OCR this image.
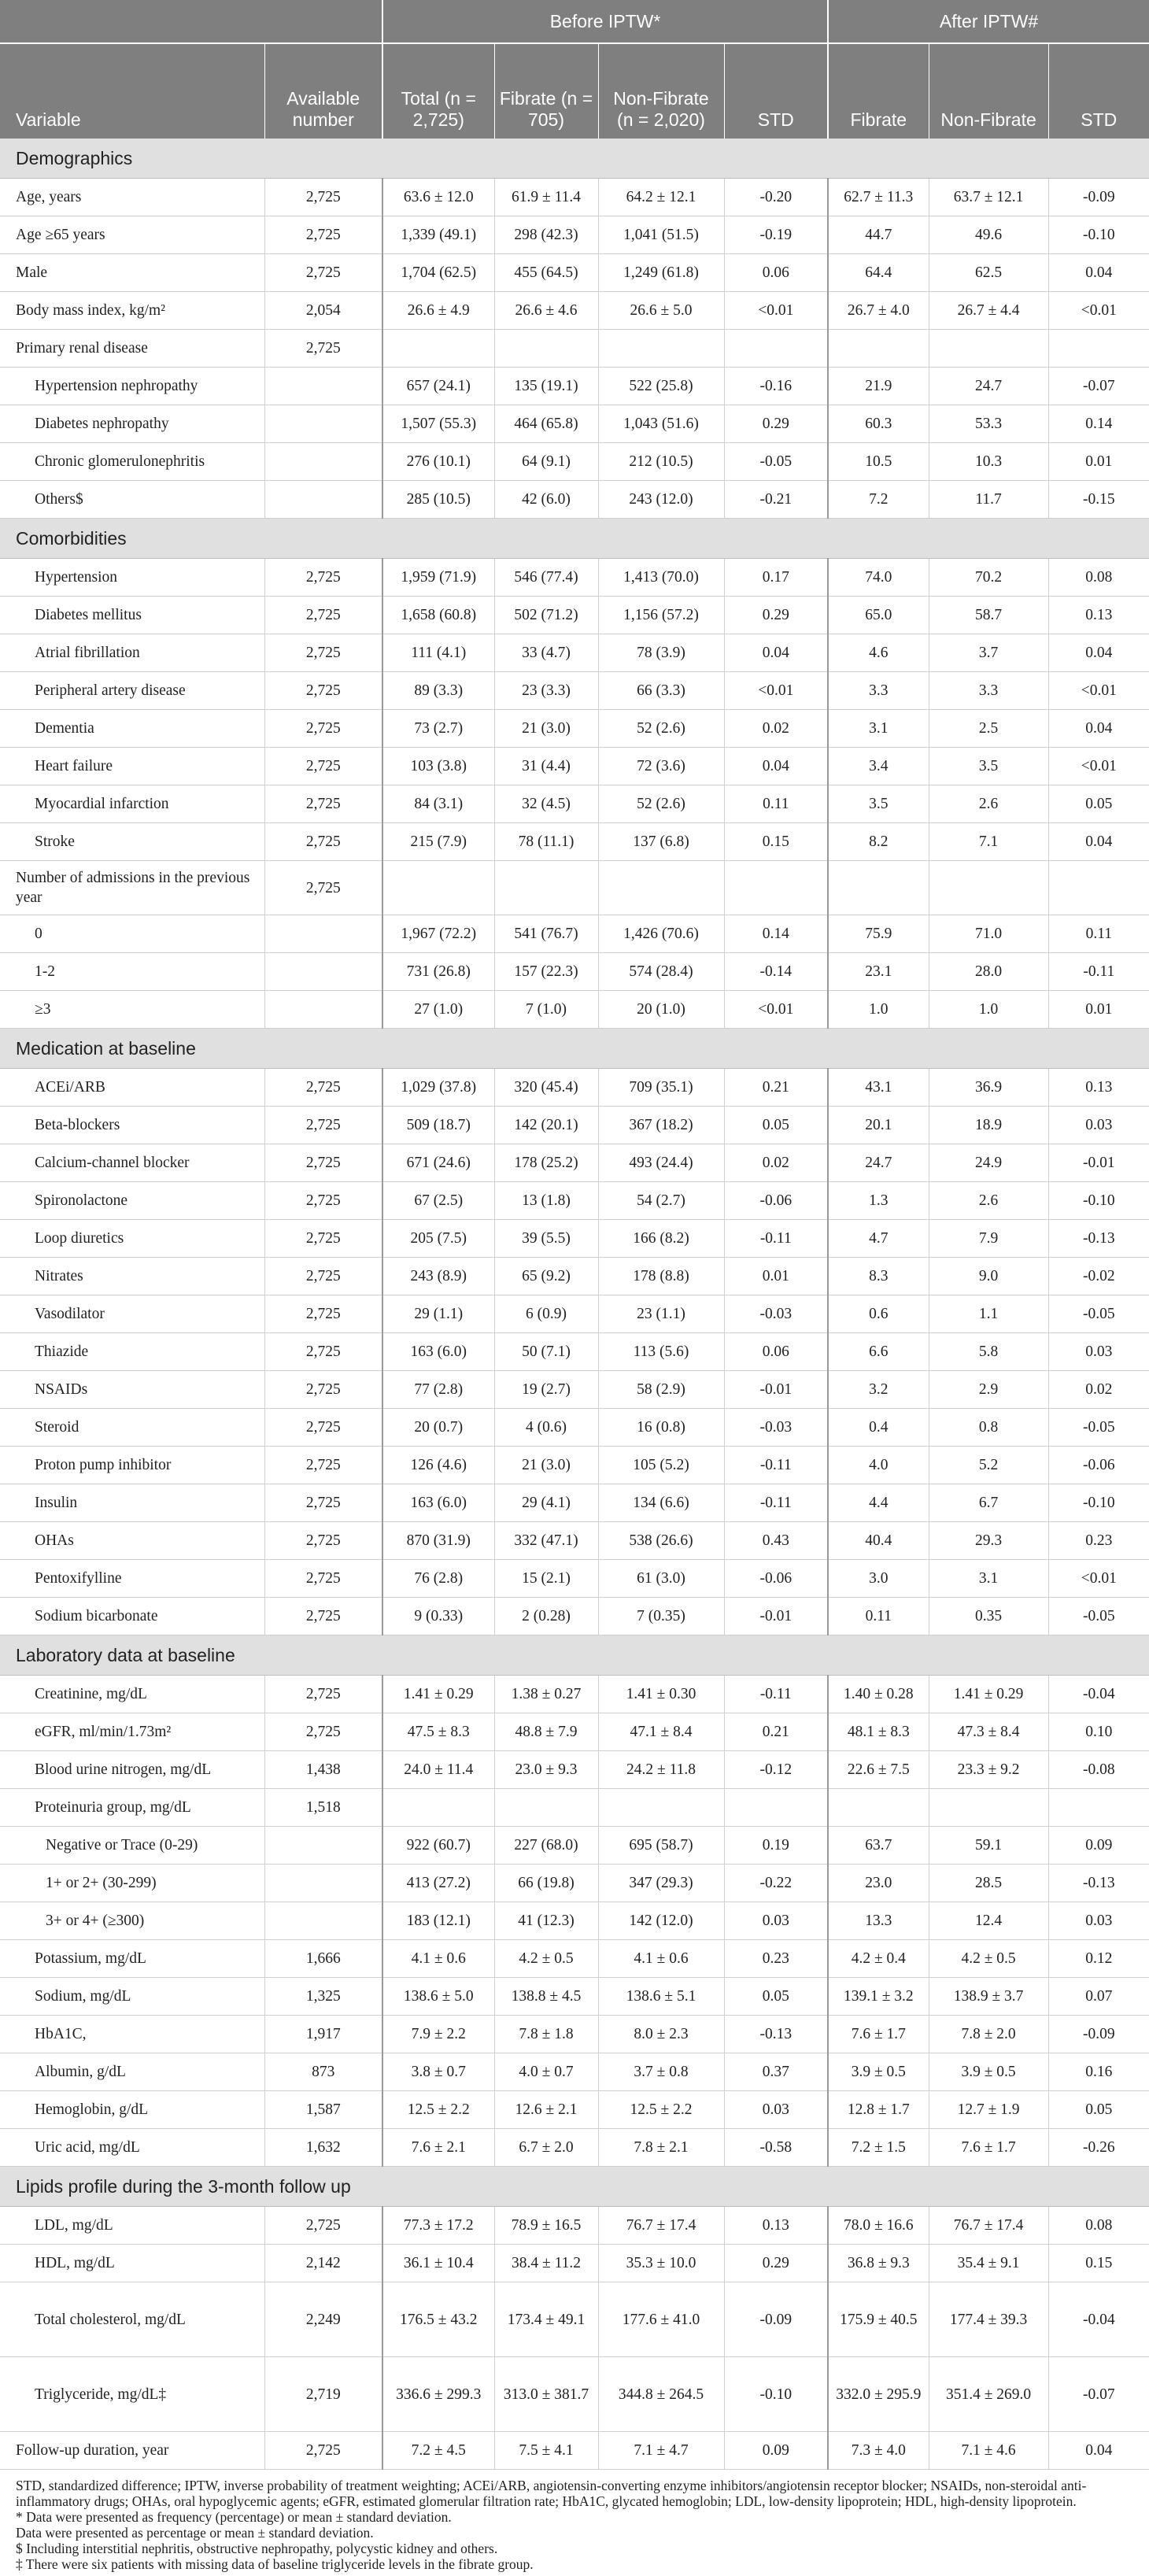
		Before IPTW*				After IPTW#		
Variable	Available number	Total (n = 2,725)	Fibrate (n = 705)	Non-Fibrate (n = 2,020)	STD	Fibrate	Non-Fibrate	STD
Demographics								
Age, years	2,725	63.6 ± 12.0	61.9 ± 11.4	64.2 ± 12.1	-0.20	62.7 ± 11.3	63.7 ± 12.1	-0.09
Age ≥65 years	2,725	1,339 (49.1)	298 (42.3)	1,041 (51.5)	-0.19	44.7	49.6	-0.10
Male	2,725	1,704 (62.5)	455 (64.5)	1,249 (61.8)	0.06	64.4	62.5	0.04
Body mass index, kg/m²	2,054	26.6 ± 4.9	26.6 ± 4.6	26.6 ± 5.0	<0.01	26.7 ± 4.0	26.7 ± 4.4	<0.01
Primary renal disease	2,725							
Hypertension nephropathy		657 (24.1)	135 (19.1)	522 (25.8)	-0.16	21.9	24.7	-0.07
Diabetes nephropathy		1,507 (55.3)	464 (65.8)	1,043 (51.6)	0.29	60.3	53.3	0.14
Chronic glomerulonephritis		276 (10.1)	64 (9.1)	212 (10.5)	-0.05	10.5	10.3	0.01
Others$		285 (10.5)	42 (6.0)	243 (12.0)	-0.21	7.2	11.7	-0.15
Comorbidities								
Hypertension	2,725	1,959 (71.9)	546 (77.4)	1,413 (70.0)	0.17	74.0	70.2	0.08
Diabetes mellitus	2,725	1,658 (60.8)	502 (71.2)	1,156 (57.2)	0.29	65.0	58.7	0.13
Atrial fibrillation	2,725	111 (4.1)	33 (4.7)	78 (3.9)	0.04	4.6	3.7	0.04
Peripheral artery disease	2,725	89 (3.3)	23 (3.3)	66 (3.3)	<0.01	3.3	3.3	<0.01
Dementia	2,725	73 (2.7)	21 (3.0)	52 (2.6)	0.02	3.1	2.5	0.04
Heart failure	2,725	103 (3.8)	31 (4.4)	72 (3.6)	0.04	3.4	3.5	<0.01
Myocardial infarction	2,725	84 (3.1)	32 (4.5)	52 (2.6)	0.11	3.5	2.6	0.05
Stroke	2,725	215 (7.9)	78 (11.1)	137 (6.8)	0.15	8.2	7.1	0.04
Number of admissions in the previous year	2,725							
0		1,967 (72.2)	541 (76.7)	1,426 (70.6)	0.14	75.9	71.0	0.11
1-2		731 (26.8)	157 (22.3)	574 (28.4)	-0.14	23.1	28.0	-0.11
≥3		27 (1.0)	7 (1.0)	20 (1.0)	<0.01	1.0	1.0	0.01
Medication at baseline								
ACEi/ARB	2,725	1,029 (37.8)	320 (45.4)	709 (35.1)	0.21	43.1	36.9	0.13
Beta-blockers	2,725	509 (18.7)	142 (20.1)	367 (18.2)	0.05	20.1	18.9	0.03
Calcium-channel blocker	2,725	671 (24.6)	178 (25.2)	493 (24.4)	0.02	24.7	24.9	-0.01
Spironolactone	2,725	67 (2.5)	13 (1.8)	54 (2.7)	-0.06	1.3	2.6	-0.10
Loop diuretics	2,725	205 (7.5)	39 (5.5)	166 (8.2)	-0.11	4.7	7.9	-0.13
Nitrates	2,725	243 (8.9)	65 (9.2)	178 (8.8)	0.01	8.3	9.0	-0.02
Vasodilator	2,725	29 (1.1)	6 (0.9)	23 (1.1)	-0.03	0.6	1.1	-0.05
Thiazide	2,725	163 (6.0)	50 (7.1)	113 (5.6)	0.06	6.6	5.8	0.03
NSAIDs	2,725	77 (2.8)	19 (2.7)	58 (2.9)	-0.01	3.2	2.9	0.02
Steroid	2,725	20 (0.7)	4 (0.6)	16 (0.8)	-0.03	0.4	0.8	-0.05
Proton pump inhibitor	2,725	126 (4.6)	21 (3.0)	105 (5.2)	-0.11	4.0	5.2	-0.06
Insulin	2,725	163 (6.0)	29 (4.1)	134 (6.6)	-0.11	4.4	6.7	-0.10
OHAs	2,725	870 (31.9)	332 (47.1)	538 (26.6)	0.43	40.4	29.3	0.23
Pentoxifylline	2,725	76 (2.8)	15 (2.1)	61 (3.0)	-0.06	3.0	3.1	<0.01
Sodium bicarbonate	2,725	9 (0.33)	2 (0.28)	7 (0.35)	-0.01	0.11	0.35	-0.05
Laboratory data at baseline								
Creatinine, mg/dL	2,725	1.41 ± 0.29	1.38 ± 0.27	1.41 ± 0.30	-0.11	1.40 ± 0.28	1.41 ± 0.29	-0.04
eGFR, ml/min/1.73m²	2,725	47.5 ± 8.3	48.8 ± 7.9	47.1 ± 8.4	0.21	48.1 ± 8.3	47.3 ± 8.4	0.10
Blood urine nitrogen, mg/dL	1,438	24.0 ± 11.4	23.0 ± 9.3	24.2 ± 11.8	-0.12	22.6 ± 7.5	23.3 ± 9.2	-0.08
Proteinuria group, mg/dL	1,518							
Negative or Trace (0-29)		922 (60.7)	227 (68.0)	695 (58.7)	0.19	63.7	59.1	0.09
1+ or 2+ (30-299)		413 (27.2)	66 (19.8)	347 (29.3)	-0.22	23.0	28.5	-0.13
3+ or 4+ (≥300)		183 (12.1)	41 (12.3)	142 (12.0)	0.03	13.3	12.4	0.03
Potassium, mg/dL	1,666	4.1 ± 0.6	4.2 ± 0.5	4.1 ± 0.6	0.23	4.2 ± 0.4	4.2 ± 0.5	0.12
Sodium, mg/dL	1,325	138.6 ± 5.0	138.8 ± 4.5	138.6 ± 5.1	0.05	139.1 ± 3.2	138.9 ± 3.7	0.07
HbA1C,	1,917	7.9 ± 2.2	7.8 ± 1.8	8.0 ± 2.3	-0.13	7.6 ± 1.7	7.8 ± 2.0	-0.09
Albumin, g/dL	873	3.8 ± 0.7	4.0 ± 0.7	3.7 ± 0.8	0.37	3.9 ± 0.5	3.9 ± 0.5	0.16
Hemoglobin, g/dL	1,587	12.5 ± 2.2	12.6 ± 2.1	12.5 ± 2.2	0.03	12.8 ± 1.7	12.7 ± 1.9	0.05
Uric acid, mg/dL	1,632	7.6 ± 2.1	6.7 ± 2.0	7.8 ± 2.1	-0.58	7.2 ± 1.5	7.6 ± 1.7	-0.26
Lipids profile during the 3-month follow up								
LDL, mg/dL	2,725	77.3 ± 17.2	78.9 ± 16.5	76.7 ± 17.4	0.13	78.0 ± 16.6	76.7 ± 17.4	0.08
HDL, mg/dL	2,142	36.1 ± 10.4	38.4 ± 11.2	35.3 ± 10.0	0.29	36.8 ± 9.3	35.4 ± 9.1	0.15
Total cholesterol, mg/dL	2,249	176.5 ± 43.2	173.4 ± 49.1	177.6 ± 41.0	-0.09	175.9 ± 40.5	177.4 ± 39.3	-0.04
Triglyceride, mg/dL‡	2,719	336.6 ± 299.3	313.0 ± 381.7	344.8 ± 264.5	-0.10	332.0 ± 295.9	351.4 ± 269.0	-0.07
Follow-up duration, year	2,725	7.2 ± 4.5	7.5 ± 4.1	7.1 ± 4.7	0.09	7.3 ± 4.0	7.1 ± 4.6	0.04

STD, standardized difference; IPTW, inverse probability of treatment weighting; ACEi/ARB, angiotensin-converting enzyme inhibitors/angiotensin receptor blocker; NSAIDs, non-steroidal anti-inflammatory drugs; OHAs, oral hypoglycemic agents; eGFR, estimated glomerular filtration rate; HbA1C, glycated hemoglobin; LDL, low-density lipoprotein; HDL, high-density lipoprotein.

* Data were presented as frequency (percentage) or mean ± standard deviation.

Data were presented as percentage or mean ± standard deviation.

$ Including interstitial nephritis, obstructive nephropathy, polycystic kidney and others.

‡ There were six patients with missing data of baseline triglyceride levels in the fibrate group.
